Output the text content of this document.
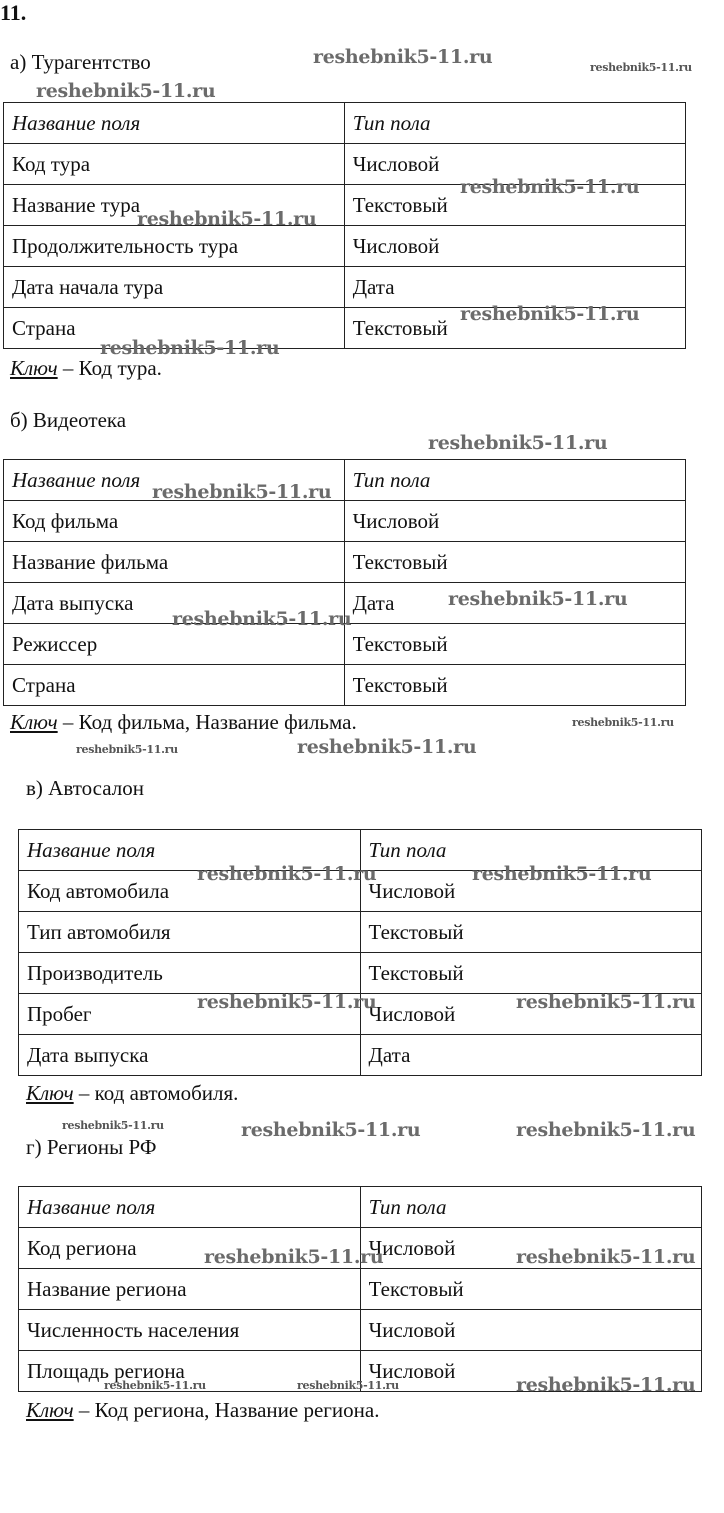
11.
а) Турагентство
Название поля	Тип пола
Код тура	Числовой
Название тура	Текстовый
Продолжительность тура	Числовой
Дата начала тура	Дата
Страна	Текстовый
Ключ – Код тура.
б) Видеотека
Название поля	Тип пола
Код фильма	Числовой
Название фильма	Текстовый
Дата выпуска	Дата
Режиссер	Текстовый
Страна	Текстовый
Ключ – Код фильма, Название фильма.
в) Автосалон
Название поля	Тип пола
Код автомобила	Числовой
Тип автомобиля	Текстовый
Производитель	Текстовый
Пробег	Числовой
Дата выпуска	Дата
Ключ – код автомобиля.
г) Регионы РФ
Название поля	Тип пола
Код региона	Числовой
Название региона	Текстовый
Численность населения	Числовой
Площадь региона	Числовой
Ключ – Код региона, Название региона.
reshebnik5-11.ru	reshebnik5-11.ru
reshebnik5-11.ru
reshebnik5-11.ru
reshebnik5-11.ru
reshebnik5-11.ru
reshebnik5-11.ru
reshebnik5-11.ru
reshebnik5-11.ru
reshebnik5-11.ru
reshebnik5-11.ru
reshebnik5-11.ru
reshebnik5-11.ru	reshebnik5-11.ru
reshebnik5-11.ru	reshebnik5-11.ru
reshebnik5-11.ru	reshebnik5-11.ru
reshebnik5-11.ru	reshebnik5-11.ru	reshebnik5-11.ru
reshebnik5-11.ru	reshebnik5-11.ru
reshebnik5-11.ru	reshebnik5-11.ru	reshebnik5-11.ru
